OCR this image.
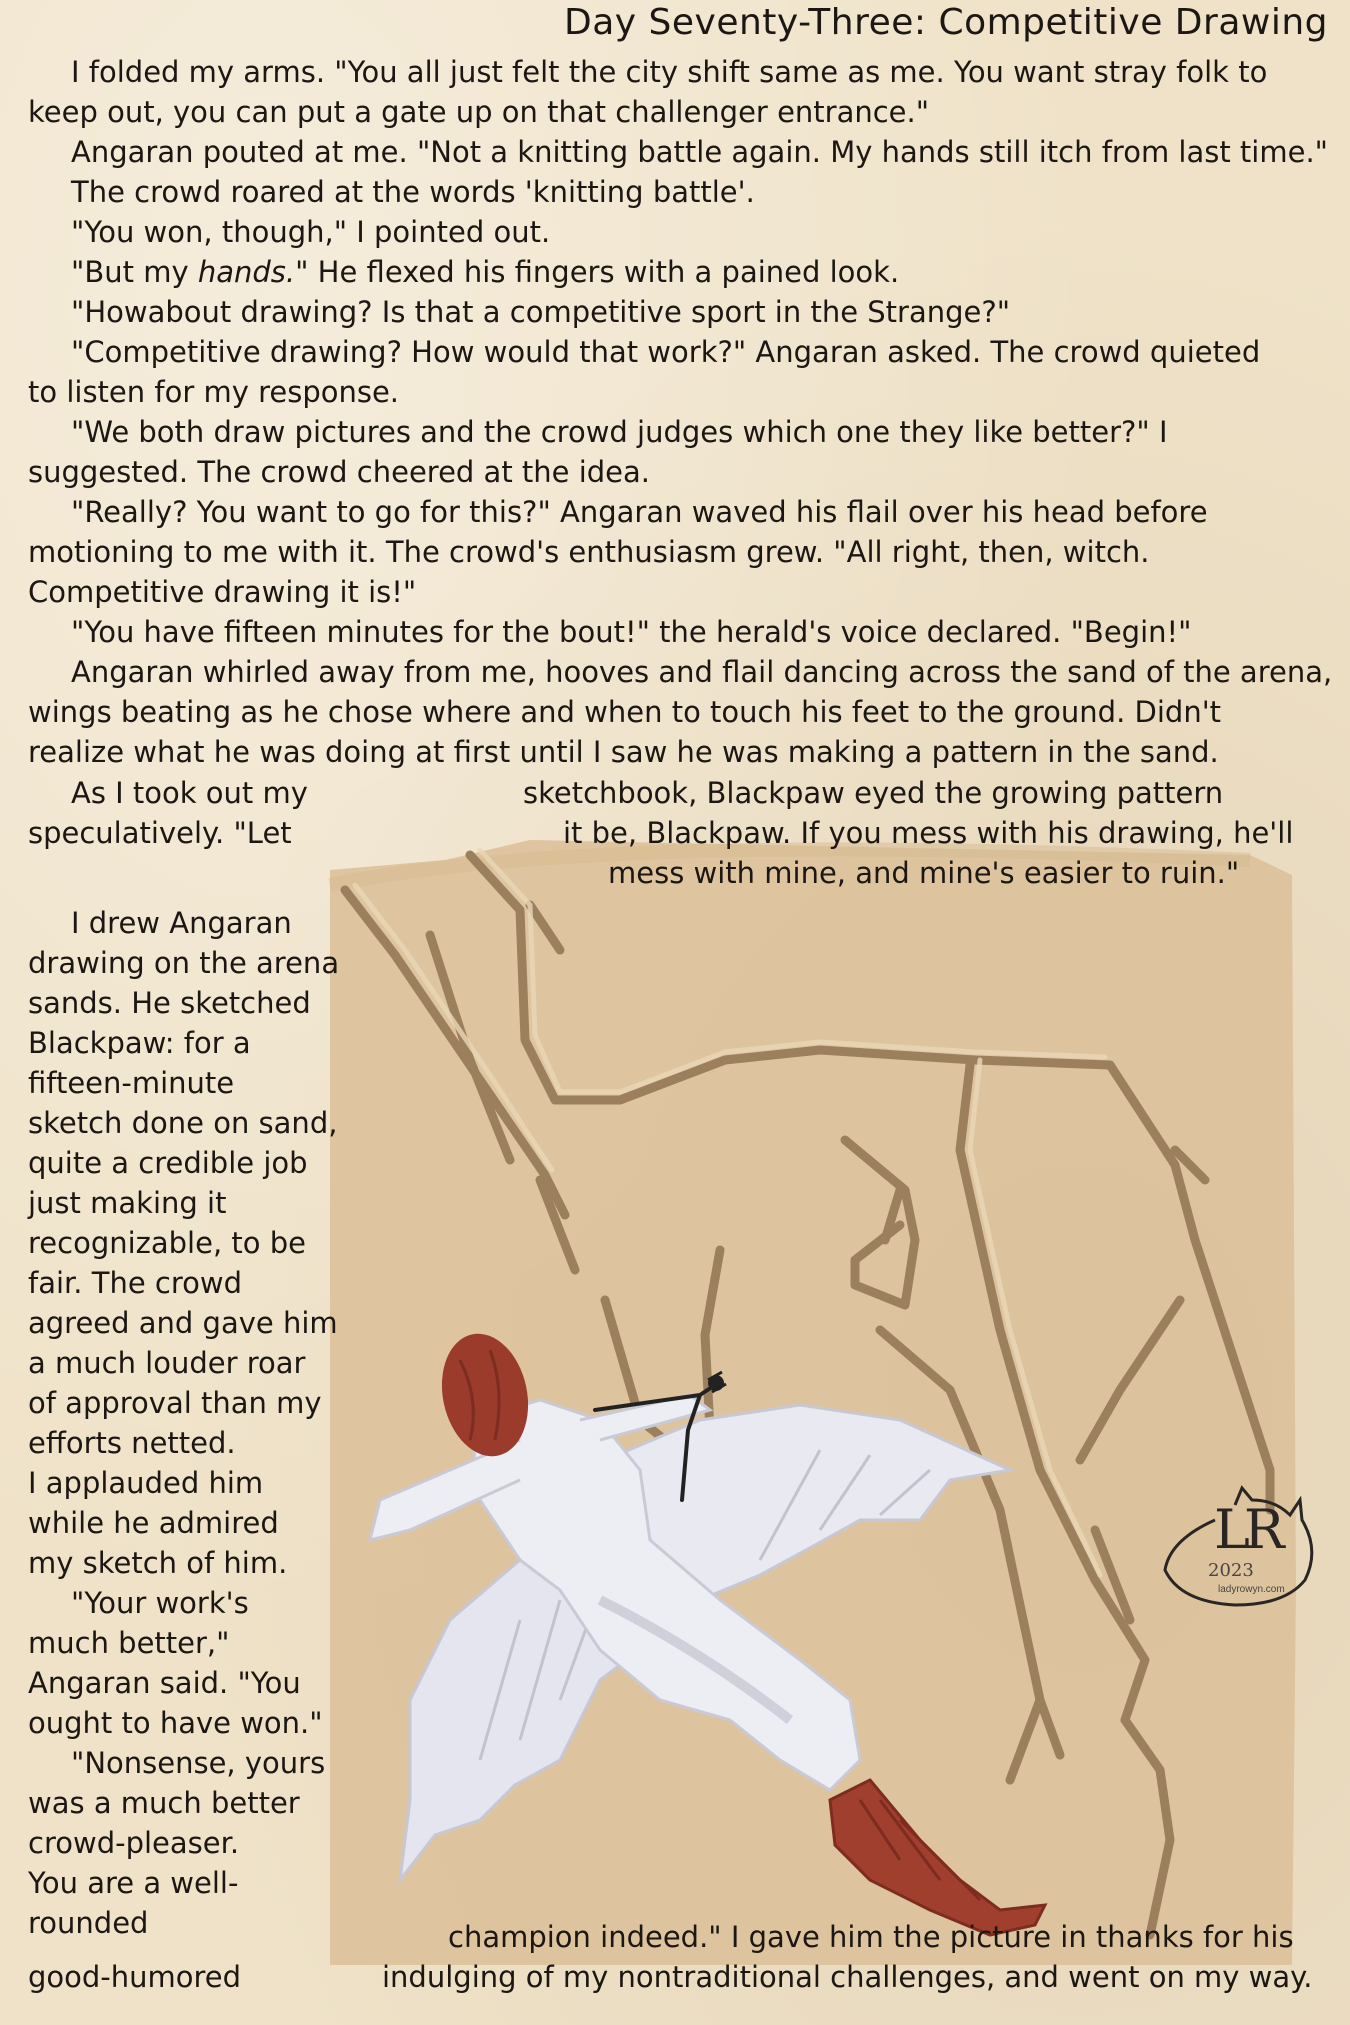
LR
2023
ladyrowyn.com
Day Seventy-Three: Competitive Drawing
I folded my arms. "You all just felt the city shift same as me. You want stray folk to
keep out, you can put a gate up on that challenger entrance."
Angaran pouted at me. "Not a knitting battle again. My hands still itch from last time."
The crowd roared at the words 'knitting battle'.
"You won, though," I pointed out.
"But my hands." He flexed his fingers with a pained look.
"Howabout drawing? Is that a competitive sport in the Strange?"
"Competitive drawing? How would that work?" Angaran asked. The crowd quieted
to listen for my response.
"We both draw pictures and the crowd judges which one they like better?" I
suggested. The crowd cheered at the idea.
"Really? You want to go for this?" Angaran waved his flail over his head before
motioning to me with it. The crowd's enthusiasm grew. "All right, then, witch.
Competitive drawing it is!"
"You have fifteen minutes for the bout!" the herald's voice declared. "Begin!"
Angaran whirled away from me, hooves and flail dancing across the sand of the arena,
wings beating as he chose where and when to touch his feet to the ground. Didn't
realize what he was doing at first until I saw he was making a pattern in the sand.
As I took out my	sketchbook, Blackpaw eyed the growing pattern
speculatively. "Let	it be, Blackpaw. If you mess with his drawing, he'll
mess with mine, and mine's easier to ruin."
I drew Angaran
drawing on the arena
sands. He sketched
Blackpaw: for a
fifteen-minute
sketch done on sand,
quite a credible job
just making it
recognizable, to be
fair. The crowd
agreed and gave him
a much louder roar
of approval than my
efforts netted.
I applauded him
while he admired
my sketch of him.
"Your work's
much better,"
Angaran said. "You
ought to have won."
"Nonsense, yours
was a much better
crowd-pleaser.
You are a well-
rounded	champion indeed." I gave him the picture in thanks for his
good-humored	indulging of my nontraditional challenges, and went on my way.
